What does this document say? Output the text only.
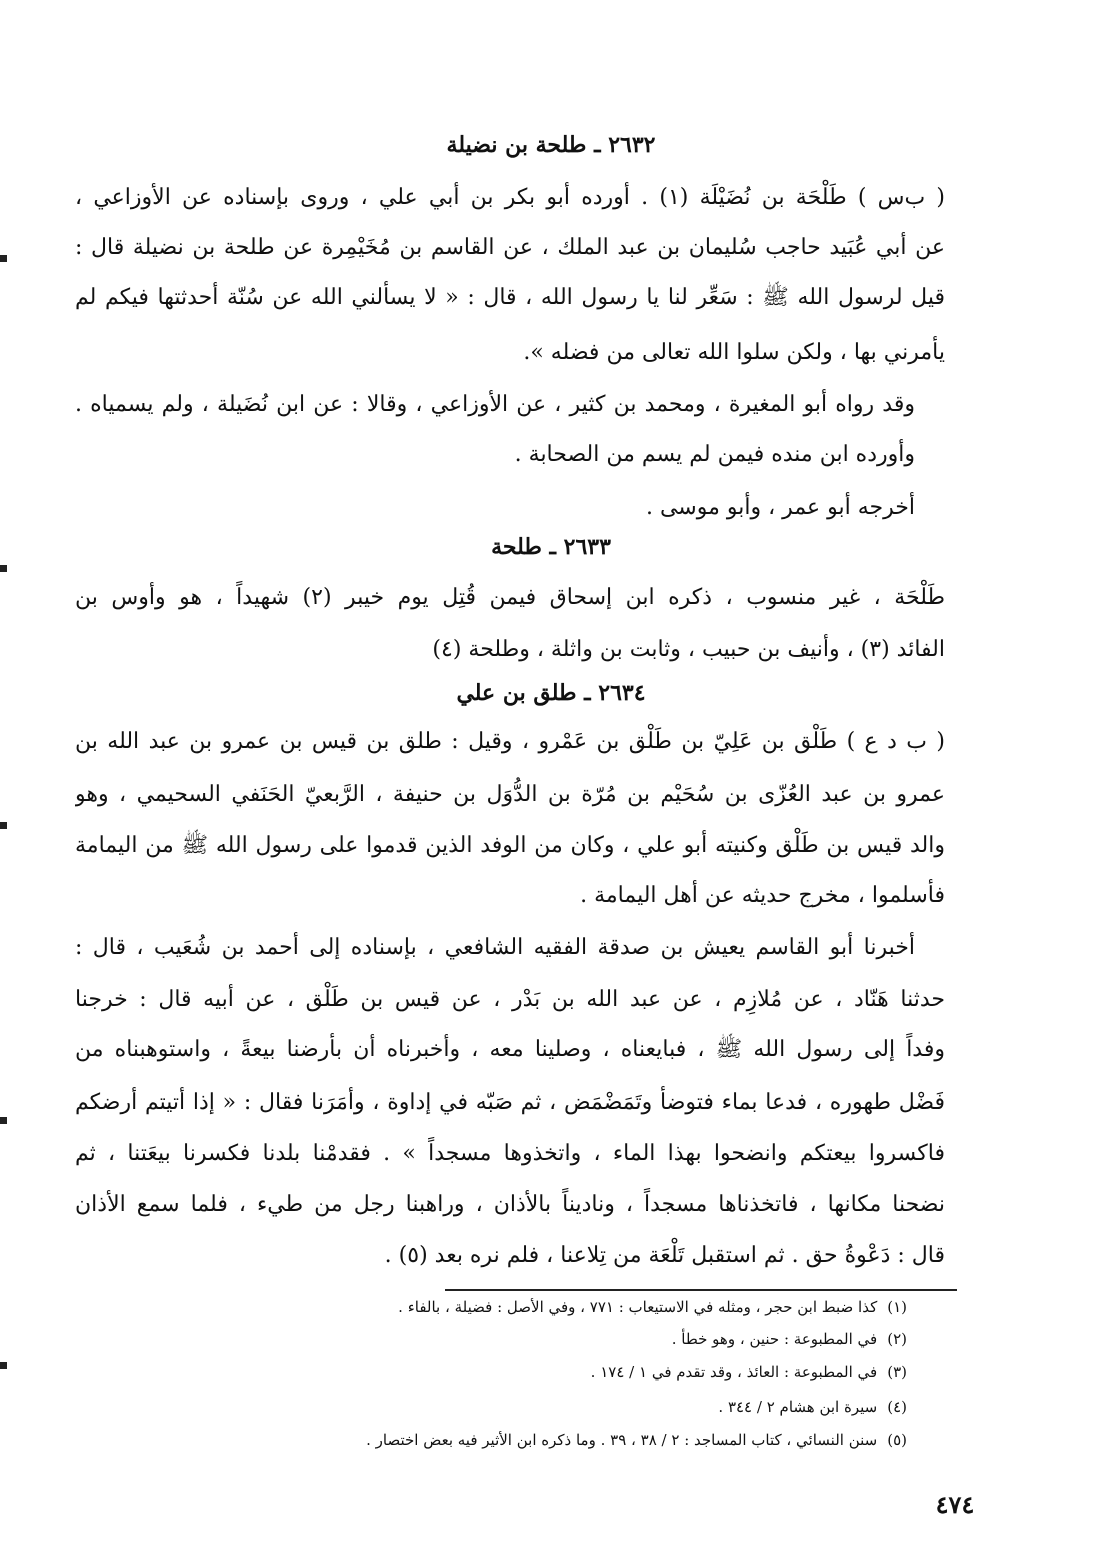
٢٦٣٢ ـ طلحة بن نضيلة
( ب‌س ) طَلْحَة بن نُضَيْلَة (١) . أورده أبو بكر بن أبي علي ، وروى بإسناده عن الأوزاعي ،
عن أبي عُبَيد حاجب سُليمان بن عبد الملك ، عن القاسم بن مُخَيْمِرة عن طلحة بن نضيلة قال :
قيل لرسول الله ﷺ : سَعِّر لنا يا رسول الله ، قال : « لا يسألني الله عن سُنّة أحدثتها فيكم لم
يأمرني بها ، ولكن سلوا الله تعالى من فضله ».
وقد رواه أبو المغيرة ، ومحمد بن كثير ، عن الأوزاعي ، وقالا : عن ابن نُضَيلة ، ولم يسمياه .
وأورده ابن منده فيمن لم يسم من الصحابة .
أخرجه أبو عمر ، وأبو موسى .
٢٦٣٣ ـ طلحة
طَلْحَة ، غير منسوب ، ذكره ابن إسحاق فيمن قُتِل يوم خيبر (٢) شهيداً ، هو وأوس بن
الفائد (٣) ، وأنيف بن حبيب ، وثابت بن واثلة ، وطلحة (٤)
٢٦٣٤ ـ طلق بن علي
( ب د ع ) طَلْق بن عَلِيّ بن طَلْق بن عَمْرو ، وقيل : طلق بن قيس بن عمرو بن عبد الله بن
عمرو بن عبد العُزّى بن سُحَيْم بن مُرّة بن الدُّوَل بن حنيفة ، الرَّبعيّ الحَنَفي السحيمي ، وهو
والد قيس بن طَلْق وكنيته أبو علي ، وكان من الوفد الذين قدموا على رسول الله ﷺ من اليمامة
فأسلموا ، مخرج حديثه عن أهل اليمامة .
أخبرنا أبو القاسم يعيش بن صدقة الفقيه الشافعي ، بإسناده إلى أحمد بن شُعَيب ، قال :
حدثنا هَنّاد ، عن مُلازِم ، عن عبد الله بن بَدْر ، عن قيس بن طَلْق ، عن أبيه قال : خرجنا
وفداً إلى رسول الله ﷺ ، فبايعناه ، وصلينا معه ، وأخبرناه أن بأرضنا بيعةً ، واستوهبناه من
فَضْل طهوره ، فدعا بماء فتوضأ وتَمَضْمَض ، ثم صَبّه في إداوة ، وأمَرَنا فقال : « إذا أتيتم أرضكم
فاكسروا بيعتكم وانضحوا بهذا الماء ، واتخذوها مسجداً » . فقدمْنا بلدنا فكسرنا بيعَتنا ، ثم
نضحنا مكانها ، فاتخذناها مسجداً ، وناديناً بالأذان ، وراهبنا رجل من طيء ، فلما سمع الأذان
قال : دَعْوةُ حق . ثم استقبل تَلْعَة من تِلاعنا ، فلم نره بعد (٥) .
(١)كذا ضبط ابن حجر ، ومثله في الاستيعاب : ٧٧١ ، وفي الأصل : فضيلة ، بالفاء .
(٢)في المطبوعة : حنين ، وهو خطأ .
(٣)في المطبوعة : العائذ ، وقد تقدم في ١ / ١٧٤ .
(٤)سيرة ابن هشام ٢ / ٣٤٤ .
(٥)سنن النسائي ، كتاب المساجد : ٢ / ٣٨ ، ٣٩ . وما ذكره ابن الأثير فيه بعض اختصار .
٤٧٤
